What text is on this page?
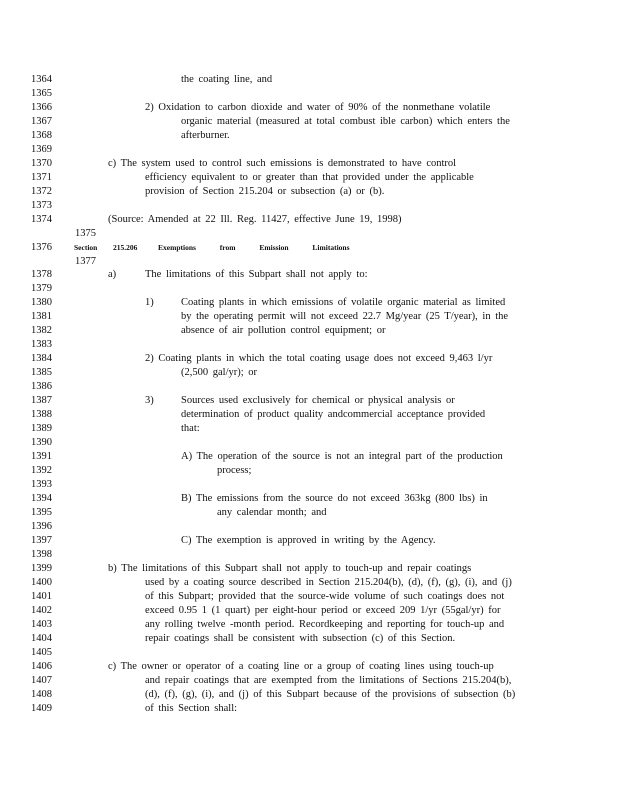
1364
1365
1366
1367
1368
1369
1370
1371
1372
1373
1374
1375
1376
1377
1378
1379
1380
1381
1382
1383
1384
1385
1386
1387
1388
1389
1390
1391
1392
1393
1394
1395
1396
1397
1398
1399
1400
1401
1402
1403
1404
1405
1406
1407
1408
1409
the coating line, and
2) Oxidation to carbon dioxide and water of 90% of the nonmethane volatile
organic material (measured at total combust ible carbon) which enters the
afterburner.
c) The system used to control such emissions is demonstrated to have control
efficiency equivalent to or greater than that provided under the applicable
provision of Section 215.204 or subsection (a) or (b).
(Source: Amended at 22 Ill. Reg. 11427, effective June 19, 1998)
Section 215.206	Exemptions from Emission Limitations
a)	The limitations of this Subpart shall not apply to:
1)	Coating plants in which emissions of volatile organic material as limited
by the operating permit will not exceed 22.7 Mg/year (25 T/year), in the
absence of air pollution control equipment; or
2) Coating plants in which the total coating usage does not exceed 9,463 l/yr
(2,500 gal/yr); or
3)	Sources used exclusively for chemical or physical analysis or
determination of product quality andcommercial acceptance provided
that:
A) The operation of the source is not an integral part of the production
process;
B) The emissions from the source do not exceed 363kg (800 lbs) in
any calendar month; and
C) The exemption is approved in writing by the Agency.
b) The limitations of this Subpart shall not apply to touch-up and repair coatings
used by a coating source described in Section 215.204(b), (d), (f), (g), (i), and (j)
of this Subpart; provided that the source-wide volume of such coatings does not
exceed 0.95 1 (1 quart) per eight-hour period or exceed 209 1/yr (55gal/yr) for
any rolling twelve -month period. Recordkeeping and reporting for touch-up and
repair coatings shall be consistent with subsection (c) of this Section.
c) The owner or operator of a coating line or a group of coating lines using touch-up
and repair coatings that are exempted from the limitations of Sections 215.204(b),
(d), (f), (g), (i), and (j) of this Subpart because of the provisions of subsection (b)
of this Section shall:
